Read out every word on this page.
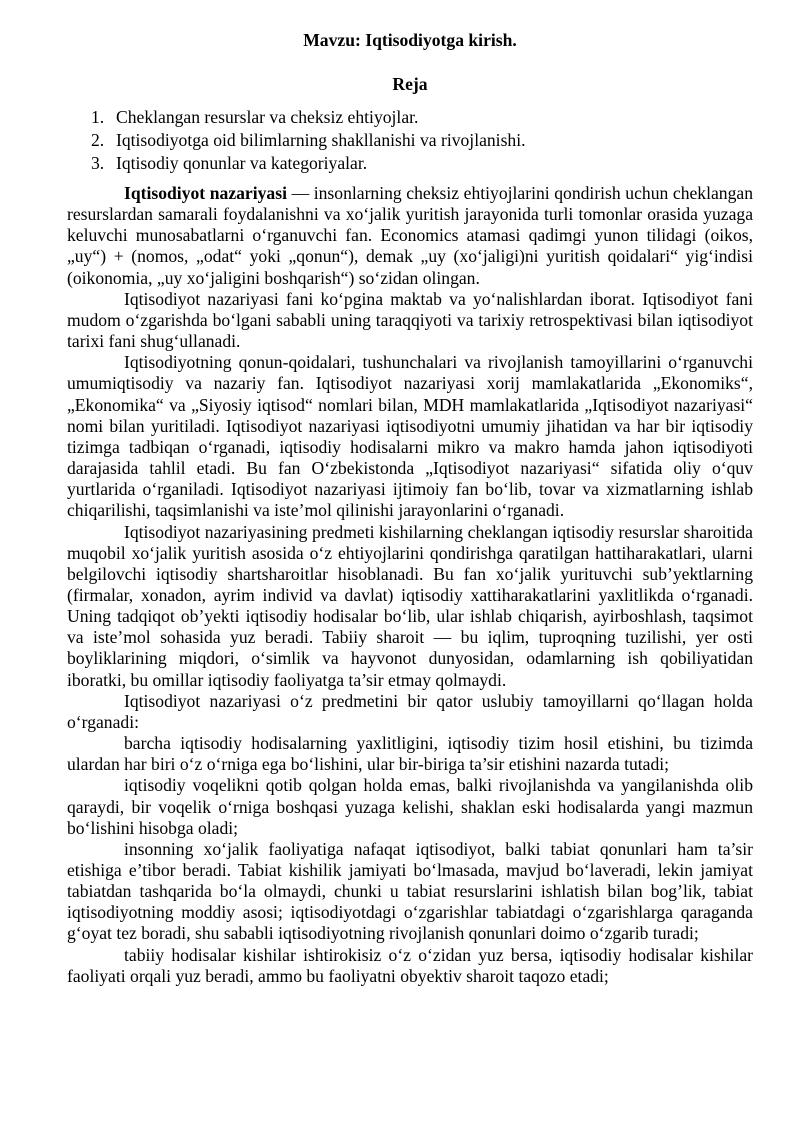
Mavzu: Iqtisodiyotga kirish.
Reja
1. Cheklangan resurslar va cheksiz ehtiyojlar.
2. Iqtisodiyotga oid bilimlarning shakllanishi va rivojlanishi.
3. Iqtisodiy qonunlar va kategoriyalar.

Iqtisodiyot nazariyasi — insonlarning cheksiz ehtiyojlarini qondirish uchun cheklangan resurslardan samarali foydalanishni va xo‘jalik yuritish jarayonida turli tomonlar orasida yuzaga keluvchi munosabatlarni o‘rganuvchi fan. Economics atamasi qadimgi yunon tilidagi (oikos, „uy“) + (nomos, „odat“ yoki „qonun“), demak „uy (xo‘jaligi)ni yuritish qoidalari“ yig‘indisi (oikonomia, „uy xo‘jaligini boshqarish“) so‘zidan olingan.

Iqtisodiyot nazariyasi fani ko‘pgina maktab va yo‘nalishlardan iborat. Iqtisodiyot fani mudom o‘zgarishda bo‘lgani sababli uning taraqqiyoti va tarixiy retrospektivasi bilan iqtisodiyot tarixi fani shug‘ullanadi.

Iqtisodiyotning qonun-qoidalari, tushunchalari va rivojlanish tamoyillarini o‘rganuvchi umumiqtisodiy va nazariy fan. Iqtisodiyot nazariyasi xorij mamlakatlarida „Ekonomiks“, „Ekonomika“ va „Siyosiy iqtisod“ nomlari bilan, MDH mamlakatlarida „Iqtisodiyot nazariyasi“ nomi bilan yuritiladi. Iqtisodiyot nazariyasi iqtisodiyotni umumiy jihatidan va har bir iqtisodiy tizimga tadbiqan o‘rganadi, iqtisodiy hodisalarni mikro va makro hamda jahon iqtisodiyoti darajasida tahlil etadi. Bu fan O‘zbekistonda „Iqtisodiyot nazariyasi“ sifatida oliy o‘quv yurtlarida o‘rganiladi. Iqtisodiyot nazariyasi ijtimoiy fan bo‘lib, tovar va xizmatlarning ishlab chiqarilishi, taqsimlanishi va iste’mol qilinishi jarayonlarini o‘rganadi.

Iqtisodiyot nazariyasining predmeti kishilarning cheklangan iqtisodiy resurslar sharoitida muqobil xo‘jalik yuritish asosida o‘z ehtiyojlarini qondirishga qaratilgan hattiharakatlari, ularni belgilovchi iqtisodiy shartsharoitlar hisoblanadi. Bu fan xo‘jalik yurituvchi sub’yektlarning (firmalar, xonadon, ayrim individ va davlat) iqtisodiy xattiharakatlarini yaxlitlikda o‘rganadi. Uning tadqiqot ob’yekti iqtisodiy hodisalar bo‘lib, ular ishlab chiqarish, ayirboshlash, taqsimot va iste’mol sohasida yuz beradi. Tabiiy sharoit — bu iqlim, tuproqning tuzilishi, yer osti boyliklarining miqdori, o‘simlik va hayvonot dunyosidan, odamlarning ish qobiliyatidan iboratki, bu omillar iqtisodiy faoliyatga ta’sir etmay qolmaydi.

Iqtisodiyot nazariyasi o‘z predmetini bir qator uslubiy tamoyillarni qo‘llagan holda o‘rganadi:

barcha iqtisodiy hodisalarning yaxlitligini, iqtisodiy tizim hosil etishini, bu tizimda ulardan har biri o‘z o‘rniga ega bo‘lishini, ular bir-biriga ta’sir etishini nazarda tutadi;

iqtisodiy voqelikni qotib qolgan holda emas, balki rivojlanishda va yangilanishda olib qaraydi, bir voqelik o‘rniga boshqasi yuzaga kelishi, shaklan eski hodisalarda yangi mazmun bo‘lishini hisobga oladi;

insonning xo‘jalik faoliyatiga nafaqat iqtisodiyot, balki tabiat qonunlari ham ta’sir etishiga e’tibor beradi. Tabiat kishilik jamiyati bo‘lmasada, mavjud bo‘laveradi, lekin jamiyat tabiatdan tashqarida bo‘la olmaydi, chunki u tabiat resurslarini ishlatish bilan bog’lik, tabiat iqtisodiyotning moddiy asosi; iqtisodiyotdagi o‘zgarishlar tabiatdagi o‘zgarishlarga qaraganda g‘oyat tez boradi, shu sababli iqtisodiyotning rivojlanish qonunlari doimo o‘zgarib turadi;

tabiiy hodisalar kishilar ishtirokisiz o‘z o‘zidan yuz bersa, iqtisodiy hodisalar kishilar faoliyati orqali yuz beradi, ammo bu faoliyatni obyektiv sharoit taqozo etadi;
